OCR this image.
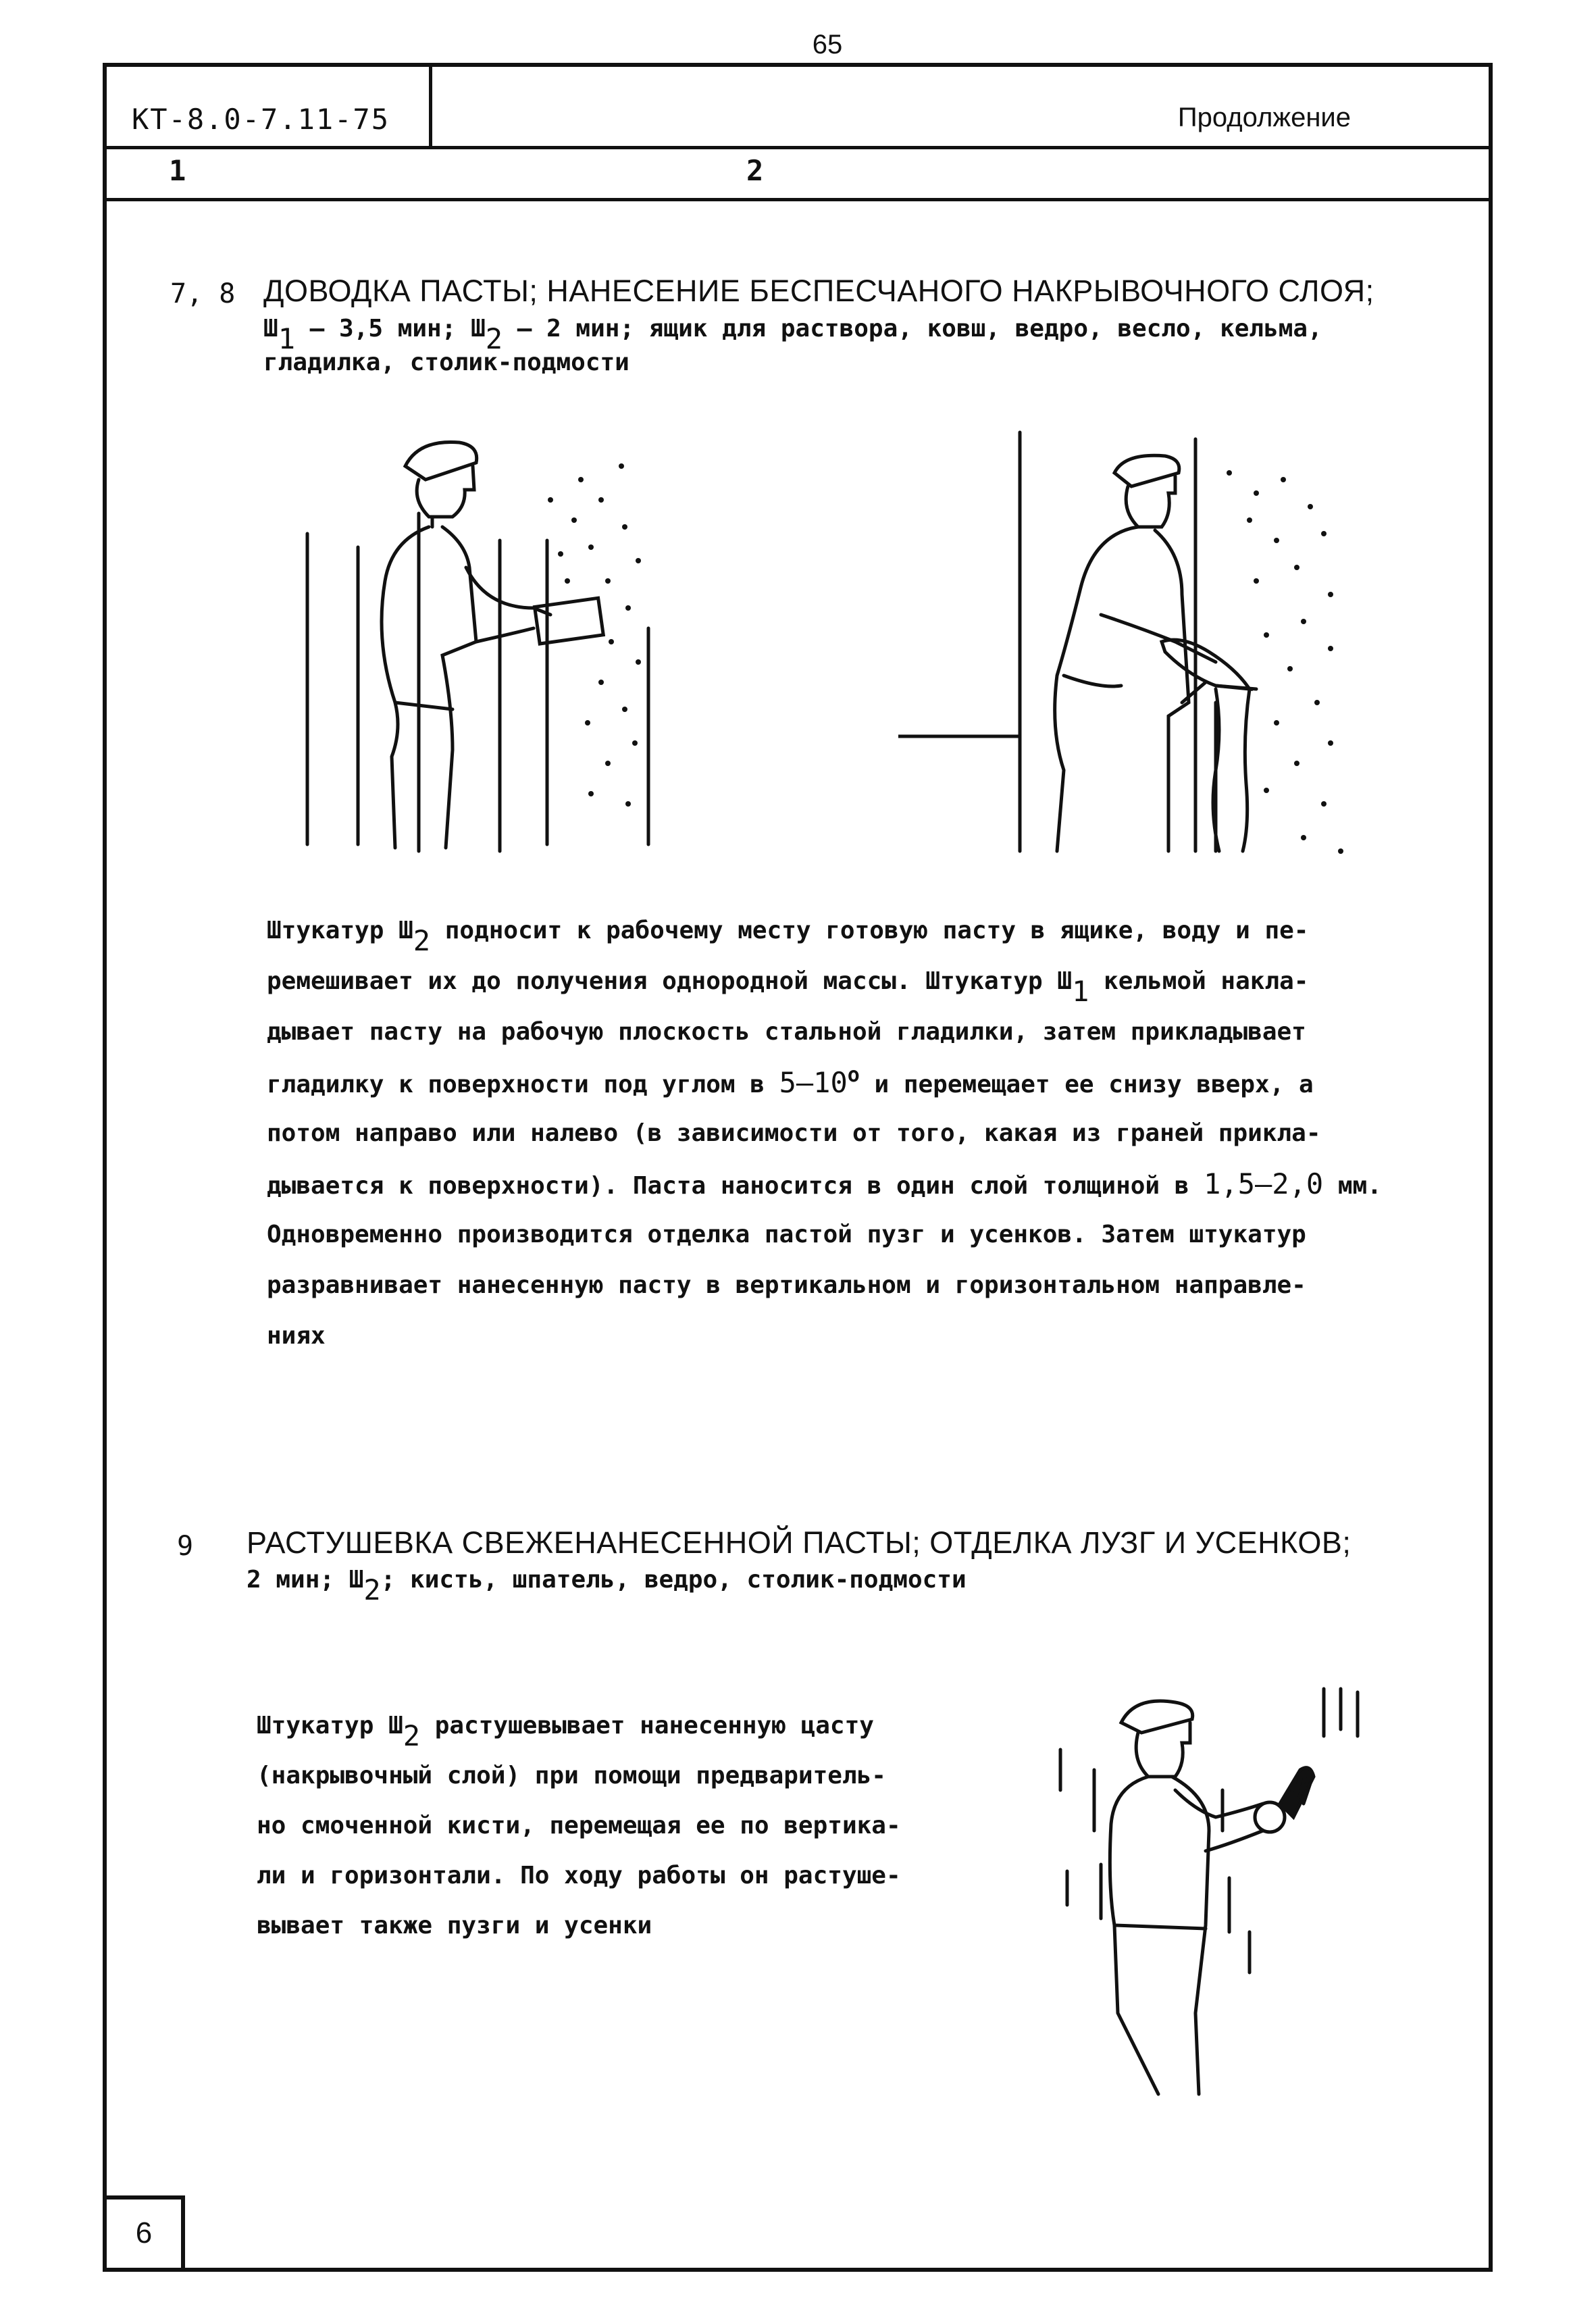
65
КТ-8.0-7.11-75	Продолжение
1	2
7, 8 ДОВОДКА ПАСТЫ; НАНЕСЕНИЕ БЕСПЕСЧАНОГО НАКРЫВОЧНОГО СЛОЯ;
$Ш_1 - 3,5$ мин; $Ш_2 - 2$ мин; ящик для раствора, ковш, ведро, весло, кельма,
гладилка, столик-подмости

Штукатур $Ш_2$ подносит к рабочему месту готовую пасту в ящике, воду и пе-

ремешивает их до получения однородной массы. Штукатур $Ш_1$ кельмой накла-

дывает пасту на рабочую плоскость стальной гладилки, затем прикладывает

гладилку к поверхности под углом в $5-10^о$ и перемещает ее снизу вверх, а

потом направо или налево (в зависимости от того, какая из граней прикла-

дывается к поверхности). Паста наносится в один слой толщиной в 1,5–2,0 мм.

Одновременно производится отделка пастой пузг и усенков. Затем штукатур

разравнивает нанесенную пасту в вертикальном и горизонтальном направле-

ниях

9 РАСТУШЕВКА СВЕЖЕНАНЕСЕННОЙ ПАСТЫ; ОТДЕЛКА ЛУЗГ И УСЕНКОВ;
2 мин; $Ш_2$; кисть, шпатель, ведро, столик-подмости

Штукатур $Ш_2$ растушевывает нанесенную цасту

(накрывочный слой) при помощи предваритель-

но смоченной кисти, перемещая ее по вертика-

ли и горизонтали. По ходу работы он растуше-

вывает также пузги и усенки

6
